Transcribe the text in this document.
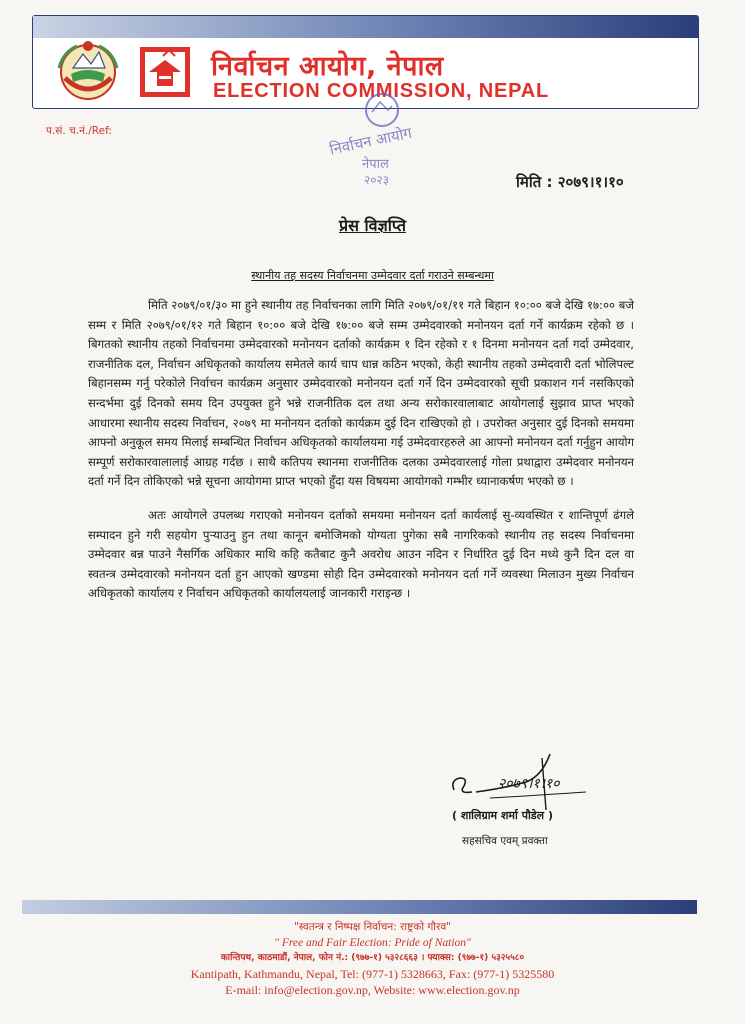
निर्वाचन आयोग, नेपाल
ELECTION COMMISSION, NEPAL
प.सं. च.नं./Ref:	निर्वाचन आयोग
नेपाल
२०२३	मिति : २०७९।१।१०
प्रेस विज्ञप्ति
स्थानीय तह सदस्य निर्वाचनमा उम्मेदवार दर्ता गराउने सम्बन्धमा

मिति २०७९/०१/३० मा हुने स्थानीय तह निर्वाचनका लागि मिति २०७९/०१/११ गते बिहान १०:०० बजे देखि १७:०० बजे सम्म र मिति २०७९/०१/१२ गते बिहान १०:०० बजे देखि १७:०० बजे सम्म उम्मेदवारको मनोनयन दर्ता गर्ने कार्यक्रम रहेको छ । बिगतको स्थानीय तहको निर्वाचनमा उम्मेदवारको मनोनयन दर्ताको कार्यक्रम १ दिन रहेको र १ दिनमा मनोनयन दर्ता गर्दा उम्मेदवार, राजनीतिक दल, निर्वाचन अधिकृतको कार्यालय समेतले कार्य चाप धान्न कठिन भएको, केही स्थानीय तहको उम्मेदवारी दर्ता भोलिपल्ट बिहानसम्म गर्नु परेकोले निर्वाचन कार्यक्रम अनुसार उम्मेदवारको मनोनयन दर्ता गर्ने दिन उम्मेदवारको सूची प्रकाशन गर्न नसकिएको सन्दर्भमा दुई दिनको समय दिन उपयुक्त हुने भन्ने राजनीतिक दल तथा अन्य सरोकारवालाबाट आयोगलाई सुझाव प्राप्त भएको आधारमा स्थानीय सदस्य निर्वाचन, २०७९ मा मनोनयन दर्ताको कार्यक्रम दुई दिन राखिएको हो । उपरोक्त अनुसार दुई दिनको समयमा आफ्नो अनुकूल समय मिलाई सम्बन्धित निर्वाचन अधिकृतको कार्यालयमा गई उम्मेदवारहरुले आ आफ्नो मनोनयन दर्ता गर्नुहुन आयोग सम्पूर्ण सरोकारवालालाई आग्रह गर्दछ । साथै कतिपय स्थानमा राजनीतिक दलका उम्मेदवारलाई गोला प्रथाद्वारा उम्मेदवार मनोनयन दर्ता गर्ने दिन तोकिएको भन्ने सूचना आयोगमा प्राप्त भएको हुँदा यस विषयमा आयोगको गम्भीर ध्यानाकर्षण भएको छ ।

अतः आयोगले उपलब्ध गराएको मनोनयन दर्ताको समयमा मनोनयन दर्ता कार्यलाई सु-व्यवस्थित र शान्तिपूर्ण ढंगले सम्पादन हुने गरी सहयोग पुर्‍याउनु हुन तथा कानून बमोजिमको योग्यता पुगेका सबै नागरिकको स्थानीय तह सदस्य निर्वाचनमा उम्मेदवार बन्न पाउने नैसर्गिक अधिकार माथि कहि कतैबाट कुनै अवरोध आउन नदिन र निर्धारित दुई दिन मध्ये कुनै दिन दल वा स्वतन्त्र उम्मेदवारको मनोनयन दर्ता हुन आएको खण्डमा सोही दिन उम्मेदवारको मनोनयन दर्ता गर्ने व्यवस्था मिलाउन मुख्य निर्वाचन अधिकृतको कार्यालय र निर्वाचन अधिकृतको कार्यालयलाई जानकारी गराइन्छ ।

२०७९।१।१०
( शालिग्राम शर्मा पौडेल )
सहसचिव एवम् प्रवक्ता
"स्वतन्त्र र निष्पक्ष निर्वाचन: राष्ट्रको गौरव"
" Free and Fair Election: Pride of Nation"
कान्तिपथ, काठमाडौं, नेपाल, फोन नं.: (९७७-१) ५३२८६६३ । फ्याक्स: (९७७-१) ५३२५५८०
Kantipath, Kathmandu, Nepal, Tel: (977-1) 5328663, Fax: (977-1) 5325580
E-mail: info@election.gov.np, Website: www.election.gov.np
